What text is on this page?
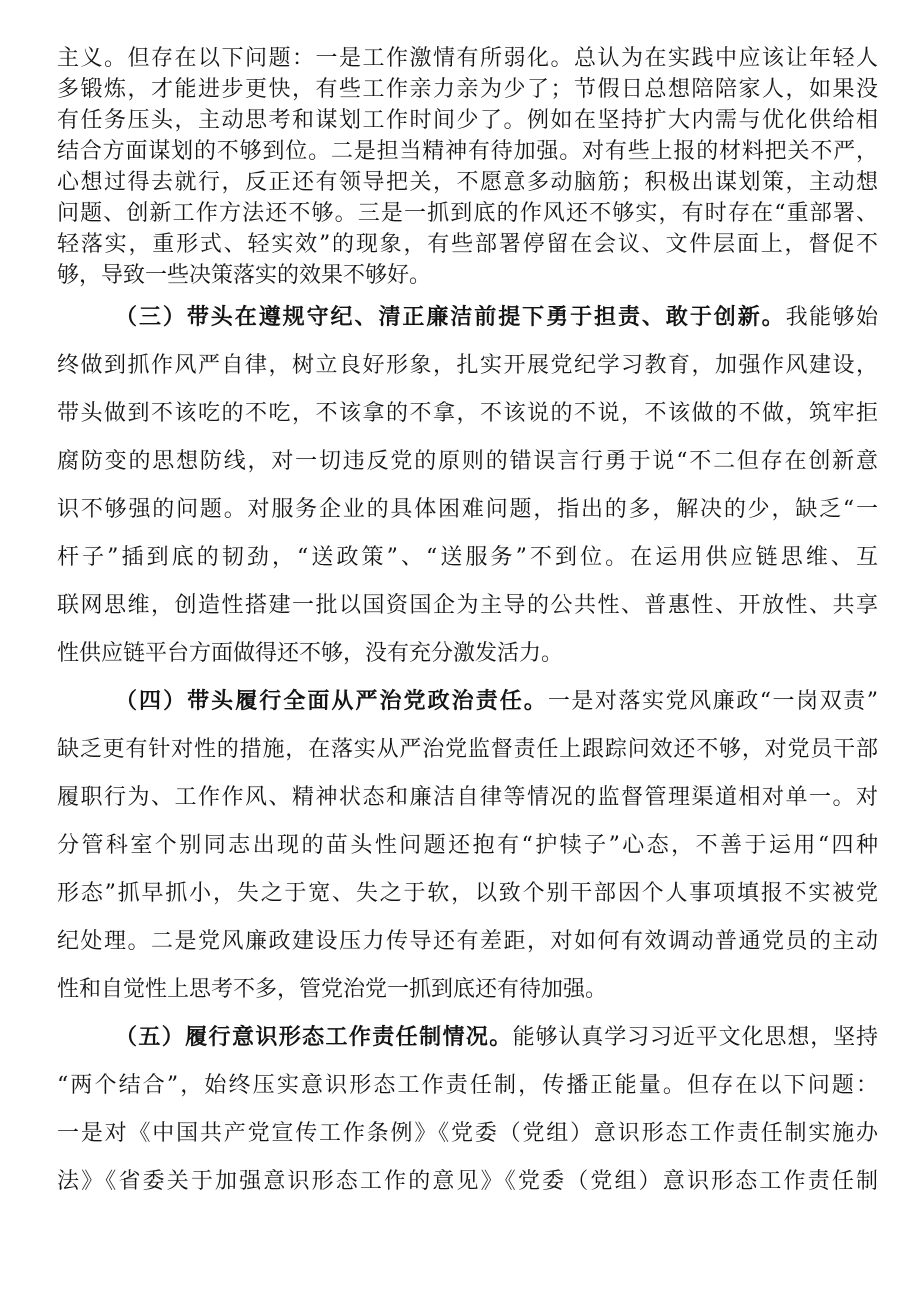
主义。但存在以下问题：一是工作激情有所弱化。总认为在实践中应该让年轻人
多锻炼，才能进步更快，有些工作亲力亲为少了；节假日总想陪陪家人，如果没
有任务压头，主动思考和谋划工作时间少了。例如在坚持扩大内需与优化供给相
结合方面谋划的不够到位。二是担当精神有待加强。对有些上报的材料把关不严，
心想过得去就行，反正还有领导把关，不愿意多动脑筋；积极出谋划策，主动想
问题、创新工作方法还不够。三是一抓到底的作风还不够实，有时存在“重部署、
轻落实，重形式、轻实效”的现象，有些部署停留在会议、文件层面上，督促不
够，导致一些决策落实的效果不够好。
（三）带头在遵规守纪、清正廉洁前提下勇于担责、敢于创新。我能够始
终做到抓作风严自律，树立良好形象，扎实开展党纪学习教育，加强作风建设，
带头做到不该吃的不吃，不该拿的不拿，不该说的不说，不该做的不做，筑牢拒
腐防变的思想防线，对一切违反党的原则的错误言行勇于说“不二但存在创新意
识不够强的问题。对服务企业的具体困难问题，指出的多，解决的少，缺乏“一
杆子”插到底的韧劲，“送政策”、“送服务”不到位。在运用供应链思维、互
联网思维，创造性搭建一批以国资国企为主导的公共性、普惠性、开放性、共享
性供应链平台方面做得还不够，没有充分激发活力。
（四）带头履行全面从严治党政治责任。一是对落实党风廉政“一岗双责”
缺乏更有针对性的措施，在落实从严治党监督责任上跟踪问效还不够，对党员干部
履职行为、工作作风、精神状态和廉洁自律等情况的监督管理渠道相对单一。对
分管科室个别同志出现的苗头性问题还抱有“护犊子”心态，不善于运用“四种
形态”抓早抓小，失之于宽、失之于软，以致个别干部因个人事项填报不实被党
纪处理。二是党风廉政建设压力传导还有差距，对如何有效调动普通党员的主动
性和自觉性上思考不多，管党治党一抓到底还有待加强。
（五）履行意识形态工作责任制情况。能够认真学习习近平文化思想，坚持
“两个结合”，始终压实意识形态工作责任制，传播正能量。但存在以下问题：
一是对《中国共产党宣传工作条例》《党委（党组）意识形态工作责任制实施办
法》《省委关于加强意识形态工作的意见》《党委（党组）意识形态工作责任制
